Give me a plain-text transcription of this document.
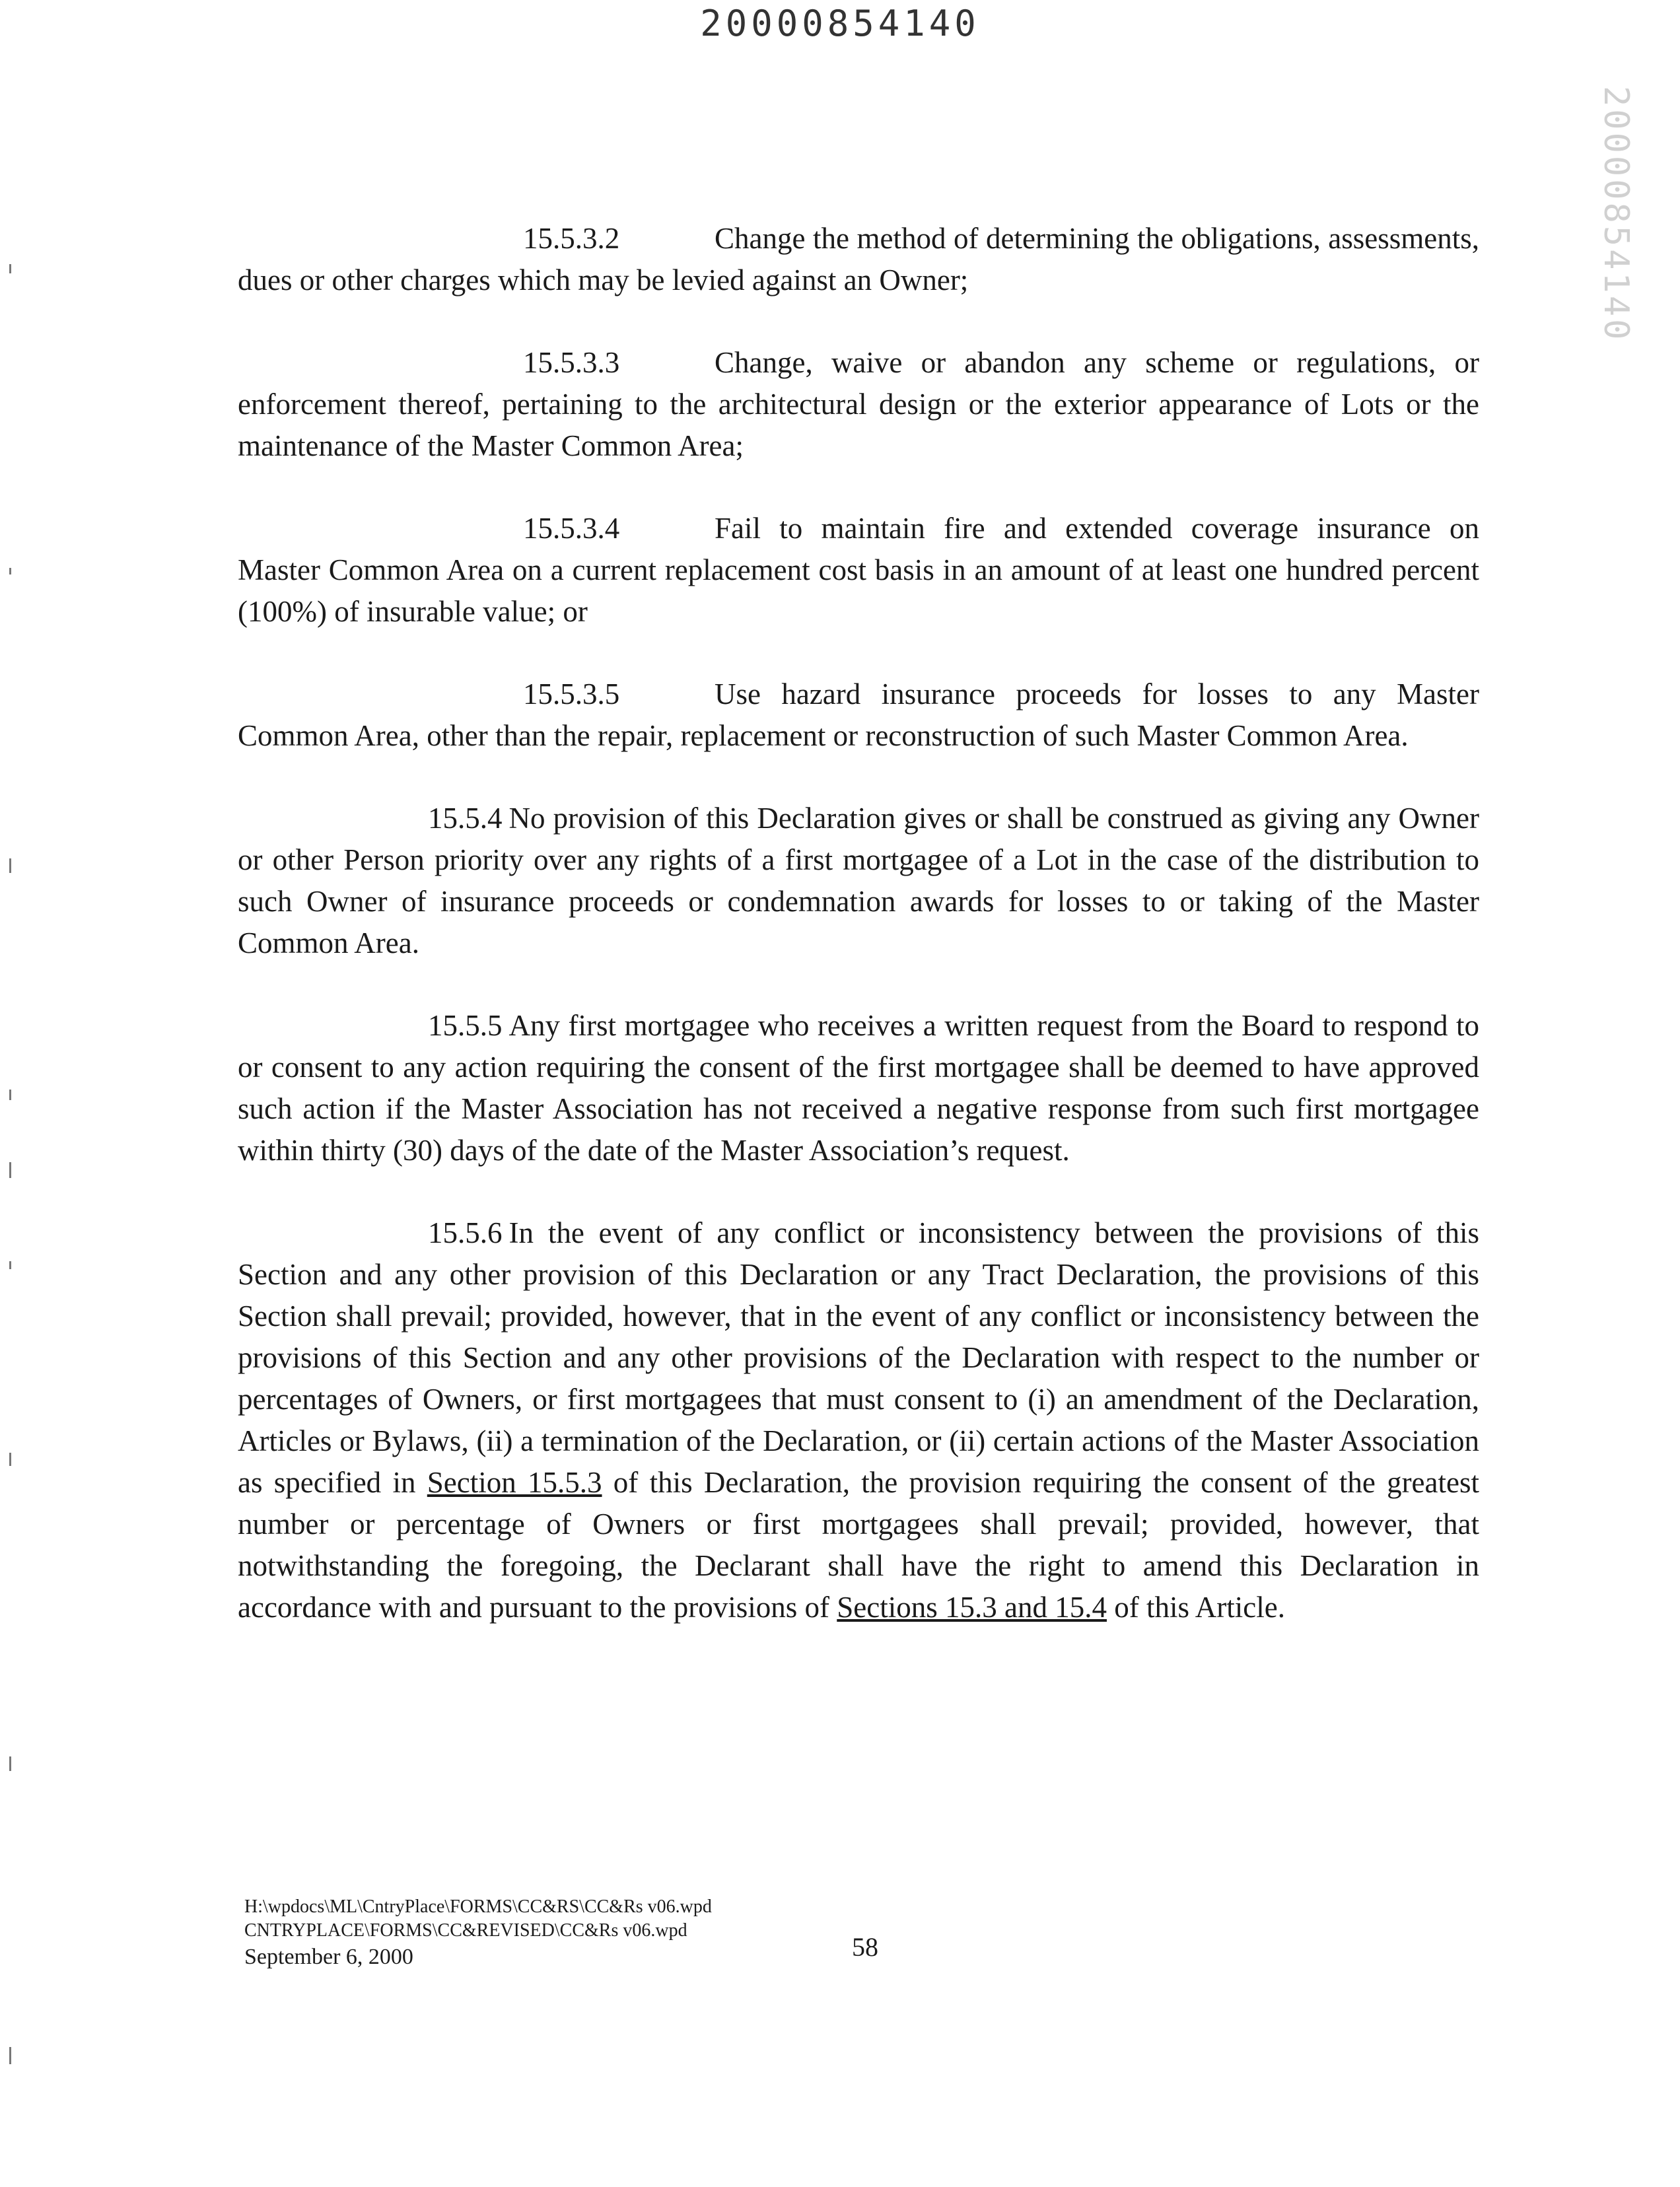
20000854140
20000854140

15.5.3.2	Change the method of determining the obligations, assessments, dues or other charges which may be levied against an Owner;

15.5.3.3	Change, waive or abandon any scheme or regulations, or enforcement thereof, pertaining to the architectural design or the exterior appearance of Lots or the maintenance of the Master Common Area;

15.5.3.4	Fail to maintain fire and extended coverage insurance on Master Common Area on a current replacement cost basis in an amount of at least one hundred percent (100%) of insurable value; or

15.5.3.5	Use hazard insurance proceeds for losses to any Master Common Area, other than the repair, replacement or reconstruction of such Master Common Area.

15.5.4 No provision of this Declaration gives or shall be construed as giving any Owner or other Person priority over any rights of a first mortgagee of a Lot in the case of the distribution to such Owner of insurance proceeds or condemnation awards for losses to or taking of the Master Common Area.

15.5.5 Any first mortgagee who receives a written request from the Board to respond to or consent to any action requiring the consent of the first mortgagee shall be deemed to have approved such action if the Master Association has not received a negative response from such first mortgagee within thirty (30) days of the date of the Master Association’s request.

15.5.6 In the event of any conflict or inconsistency between the provisions of this Section and any other provision of this Declaration or any Tract Declaration, the provisions of this Section shall prevail; provided, however, that in the event of any conflict or inconsistency between the provisions of this Section and any other provisions of the Declaration with respect to the number or percentages of Owners, or first mortgagees that must consent to (i) an amendment of the Declaration, Articles or Bylaws, (ii) a termination of the Declaration, or (ii) certain actions of the Master Association as specified in Section 15.5.3 of this Declaration, the provision requiring the consent of the greatest number or percentage of Owners or first mortgagees shall prevail; provided, however, that notwithstanding the foregoing, the Declarant shall have the right to amend this Declaration in accordance with and pursuant to the provisions of Sections 15.3 and 15.4 of this Article.

H:\wpdocs\ML\CntryPlace\FORMS\CC&RS\CC&Rs v06.wpd
CNTRYPLACE\FORMS\CC&REVISED\CC&Rs v06.wpd
September 6, 2000	58
